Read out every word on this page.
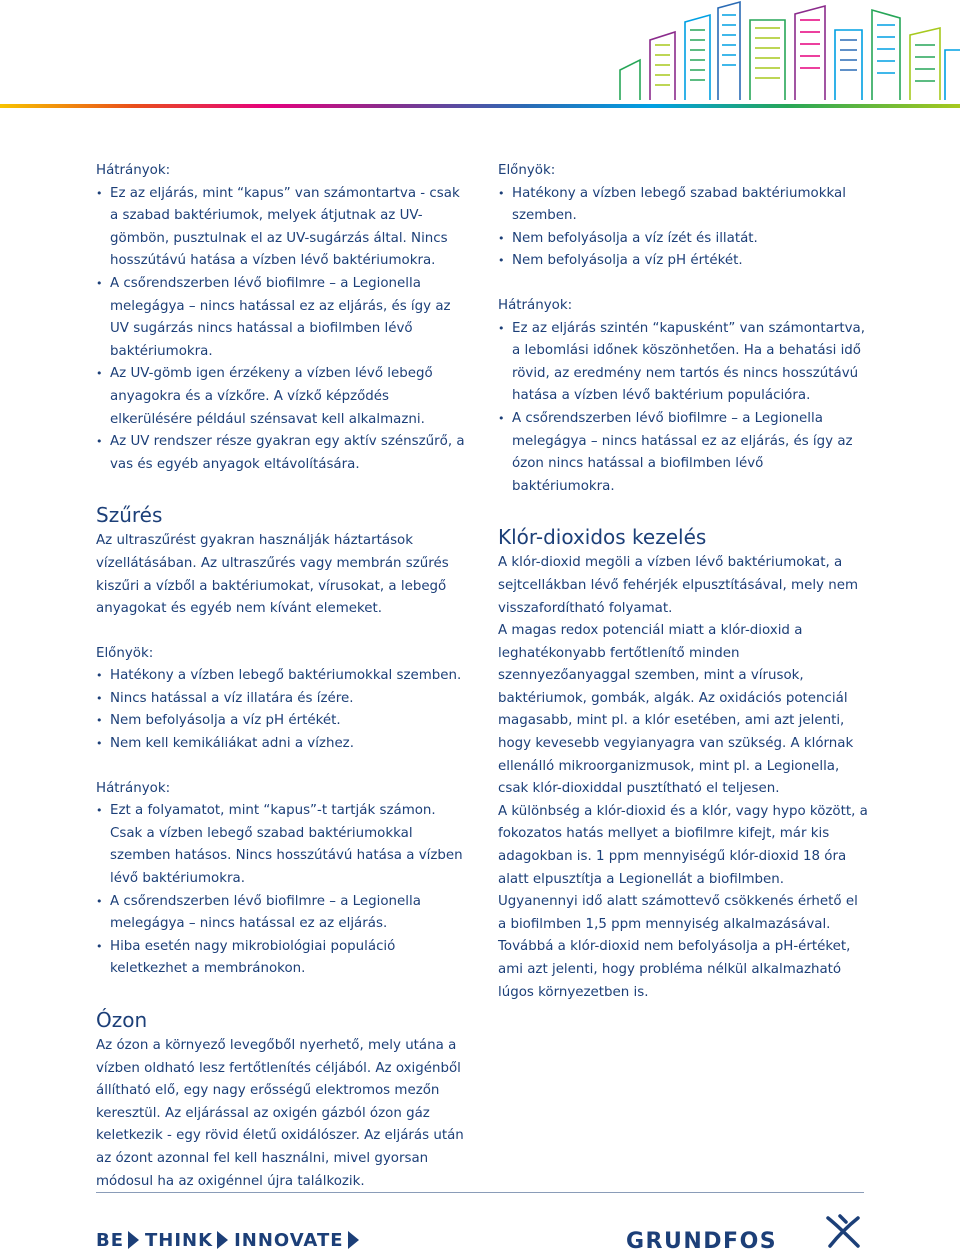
Hátrányok:

• Ez az eljárás, mint “kapus” van számontartva - csak a szabad baktériumok, melyek átjutnak az UV-gömbön, pusztulnak el az UV-sugárzás által. Nincs hosszútávú hatása a vízben lévő baktériumokra.
• A csőrendszerben lévő biofilmre – a Legionella melegágya – nincs hatással ez az eljárás, és így az UV sugárzás nincs hatással a biofilmben lévő baktériumokra.
• Az UV-gömb igen érzékeny a vízben lévő lebegő anyagokra és a vízkőre. A vízkő képződés elkerülésére például szénsavat kell alkalmazni.
• Az UV rendszer része gyakran egy aktív szénszűrő, a vas és egyéb anyagok eltávolítására.
Szűrés

Az ultraszűrést gyakran használják háztartások vízellátásában. Az ultraszűrés vagy membrán szűrés kiszűri a vízből a baktériumokat, vírusokat, a lebegő anyagokat és egyéb nem kívánt elemeket.

Előnyök:

• Hatékony a vízben lebegő baktériumokkal szemben.
• Nincs hatással a víz illatára és ízére.
• Nem befolyásolja a víz pH értékét.
• Nem kell kemikáliákat adni a vízhez.

Hátrányok:

• Ezt a folyamatot, mint “kapus”-t tartják számon. Csak a vízben lebegő szabad baktériumokkal szemben hatásos. Nincs hosszútávú hatása a vízben lévő baktériumokra.
• A csőrendszerben lévő biofilmre – a Legionella melegágya – nincs hatással ez az eljárás.
• Hiba esetén nagy mikrobiológiai populáció keletkezhet a membránokon.
Ózon

Az ózon a környező levegőből nyerhető, mely utána a vízben oldható lesz fertőtlenítés céljából. Az oxigénből állítható elő, egy nagy erősségű elektromos mezőn keresztül. Az eljárással az oxigén gázból ózon gáz keletkezik - egy rövid életű oxidálószer. Az eljárás után az ózont azonnal fel kell használni, mivel gyorsan módosul ha az oxigénnel újra találkozik.

Előnyök:

• Hatékony a vízben lebegő szabad baktériumokkal szemben.
• Nem befolyásolja a víz ízét és illatát.
• Nem befolyásolja a víz pH értékét.

Hátrányok:

• Ez az eljárás szintén “kapusként” van számontartva, a lebomlási időnek köszönhetően. Ha a behatási idő rövid, az eredmény nem tartós és nincs hosszútávú hatása a vízben lévő baktérium populációra.
• A csőrendszerben lévő biofilmre – a Legionella melegágya – nincs hatással ez az eljárás, és így az ózon nincs hatással a biofilmben lévő baktériumokra.
Klór-dioxidos kezelés

A klór-dioxid megöli a vízben lévő baktériumokat, a sejtcellákban lévő fehérjék elpusztításával, mely nem visszafordítható folyamat.

A magas redox potenciál miatt a klór-dioxid a leghatékonyabb fertőtlenítő minden szennyezőanyaggal szemben, mint a vírusok, baktériumok, gombák, algák. Az oxidációs potenciál magasabb, mint pl. a klór esetében, ami azt jelenti, hogy kevesebb vegyianyagra van szükség. A klórnak ellenálló mikroorganizmusok, mint pl. a Legionella, csak klór-dioxiddal pusztítható el teljesen.

A különbség a klór-dioxid és a klór, vagy hypo között, a fokozatos hatás mellyet a biofilmre kifejt, már kis adagokban is. 1 ppm mennyiségű klór-dioxid 18 óra alatt elpusztítja a Legionellát a biofilmben. Ugyanennyi idő alatt számottevő csökkenés érhető el a biofilmben 1,5 ppm mennyiség alkalmazásával. Továbbá a klór-dioxid nem befolyásolja a pH-értéket, ami azt jelenti, hogy probléma nélkül alkalmazható lúgos környezetben is.

BE THINK INNOVATE	GRUNDFOS
